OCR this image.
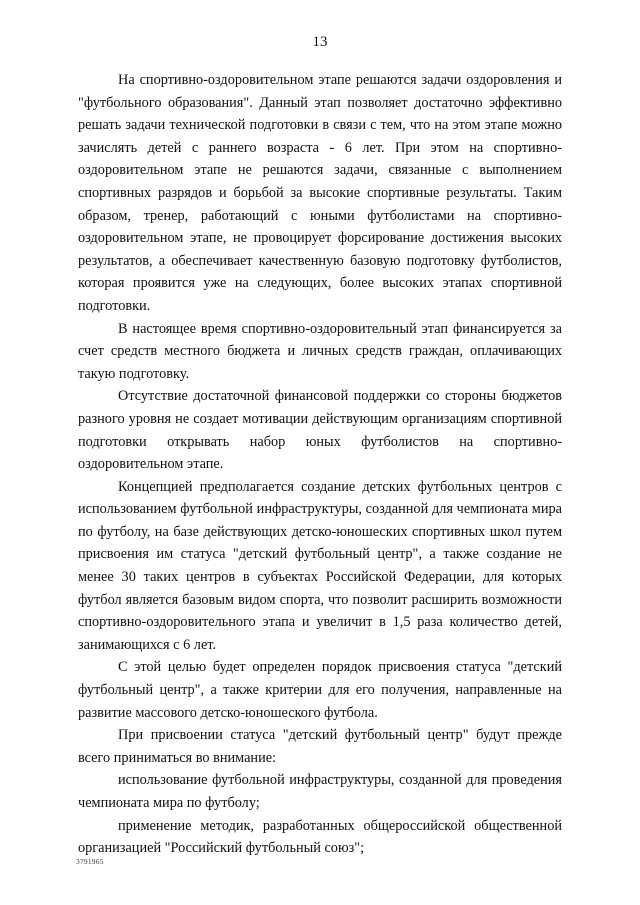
13

На спортивно-оздоровительном этапе решаются задачи оздоровления и "футбольного образования". Данный этап позволяет достаточно эффективно решать задачи технической подготовки в связи с тем, что на этом этапе можно зачислять детей с раннего возраста - 6 лет. При этом на спортивно-оздоровительном этапе не решаются задачи, связанные с выполнением спортивных разрядов и борьбой за высокие спортивные результаты. Таким образом, тренер, работающий с юными футболистами на спортивно-оздоровительном этапе, не провоцирует форсирование достижения высоких результатов, а обеспечивает качественную базовую подготовку футболистов, которая проявится уже на следующих, более высоких этапах спортивной подготовки.

В настоящее время спортивно-оздоровительный этап финансируется за счет средств местного бюджета и личных средств граждан, оплачивающих такую подготовку.

Отсутствие достаточной финансовой поддержки со стороны бюджетов разного уровня не создает мотивации действующим организациям спортивной подготовки открывать набор юных футболистов на спортивно-оздоровительном этапе.

Концепцией предполагается создание детских футбольных центров с использованием футбольной инфраструктуры, созданной для чемпионата мира по футболу, на базе действующих детско-юношеских спортивных школ путем присвоения им статуса "детский футбольный центр", а также создание не менее 30 таких центров в субъектах Российской Федерации, для которых футбол является базовым видом спорта, что позволит расширить возможности спортивно-оздоровительного этапа и увеличит в 1,5 раза количество детей, занимающихся с 6 лет.

С этой целью будет определен порядок присвоения статуса "детский футбольный центр", а также критерии для его получения, направленные на развитие массового детско-юношеского футбола.

При присвоении статуса "детский футбольный центр" будут прежде всего приниматься во внимание:

использование футбольной инфраструктуры, созданной для проведения чемпионата мира по футболу;

применение методик, разработанных общероссийской общественной организацией "Российский футбольный союз";

3791965
